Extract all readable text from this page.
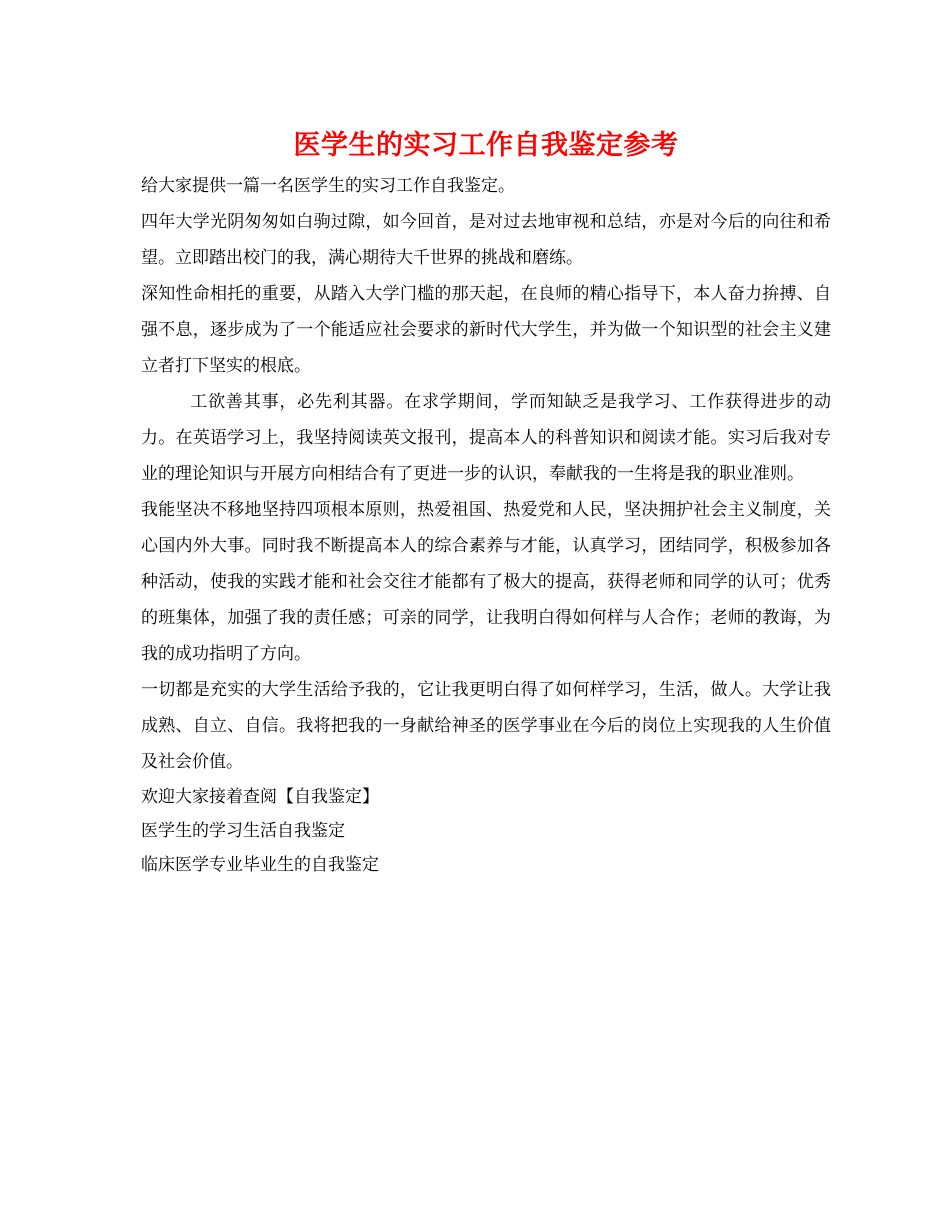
医学生的实习工作自我鉴定参考

给大家提供一篇一名医学生的实习工作自我鉴定。

四年大学光阴匆匆如白驹过隙，如今回首，是对过去地审视和总结，亦是对今后的向往和希望。立即踏出校门的我，满心期待大千世界的挑战和磨练。

深知性命相托的重要，从踏入大学门槛的那天起，在良师的精心指导下，本人奋力拚搏、自强不息，逐步成为了一个能适应社会要求的新时代大学生，并为做一个知识型的社会主义建立者打下坚实的根底。

工欲善其事，必先利其器。在求学期间，学而知缺乏是我学习、工作获得进步的动力。在英语学习上，我坚持阅读英文报刊，提高本人的科普知识和阅读才能。实习后我对专业的理论知识与开展方向相结合有了更进一步的认识，奉献我的一生将是我的职业准则。

我能坚决不移地坚持四项根本原则，热爱祖国、热爱党和人民，坚决拥护社会主义制度，关心国内外大事。同时我不断提高本人的综合素养与才能，认真学习，团结同学，积极参加各种活动，使我的实践才能和社会交往才能都有了极大的提高，获得老师和同学的认可；优秀的班集体，加强了我的责任感；可亲的同学，让我明白得如何样与人合作；老师的教诲，为我的成功指明了方向。

一切都是充实的大学生活给予我的，它让我更明白得了如何样学习，生活，做人。大学让我成熟、自立、自信。我将把我的一身献给神圣的医学事业在今后的岗位上实现我的人生价值及社会价值。

欢迎大家接着查阅【自我鉴定】

医学生的学习生活自我鉴定

临床医学专业毕业生的自我鉴定
